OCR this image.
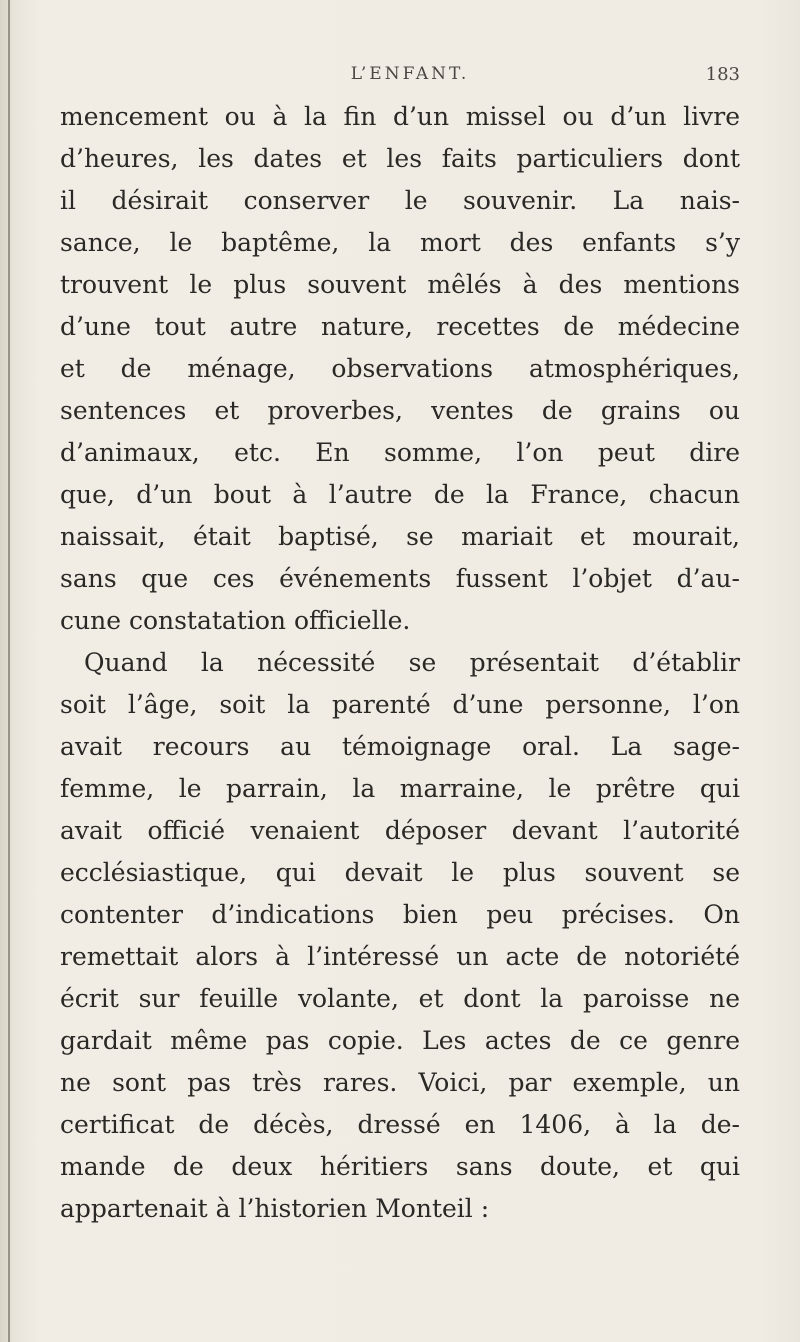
L’ENFANT.	183
mencement ou à la fin d’un missel ou d’un livre
d’heures, les dates et les faits particuliers dont
il désirait conserver le souvenir. La nais-
sance, le baptême, la mort des enfants s’y
trouvent le plus souvent mêlés à des mentions
d’une tout autre nature, recettes de médecine
et de ménage, observations atmosphériques,
sentences et proverbes, ventes de grains ou
d’animaux, etc. En somme, l’on peut dire
que, d’un bout à l’autre de la France, chacun
naissait, était baptisé, se mariait et mourait,
sans que ces événements fussent l’objet d’au-
cune constatation officielle.
Quand la nécessité se présentait d’établir
soit l’âge, soit la parenté d’une personne, l’on
avait recours au témoignage oral. La sage-
femme, le parrain, la marraine, le prêtre qui
avait officié venaient déposer devant l’autorité
ecclésiastique, qui devait le plus souvent se
contenter d’indications bien peu précises. On
remettait alors à l’intéressé un acte de notoriété
écrit sur feuille volante, et dont la paroisse ne
gardait même pas copie. Les actes de ce genre
ne sont pas très rares. Voici, par exemple, un
certificat de décès, dressé en 1406, à la de-
mande de deux héritiers sans doute, et qui
appartenait à l’historien Monteil :
